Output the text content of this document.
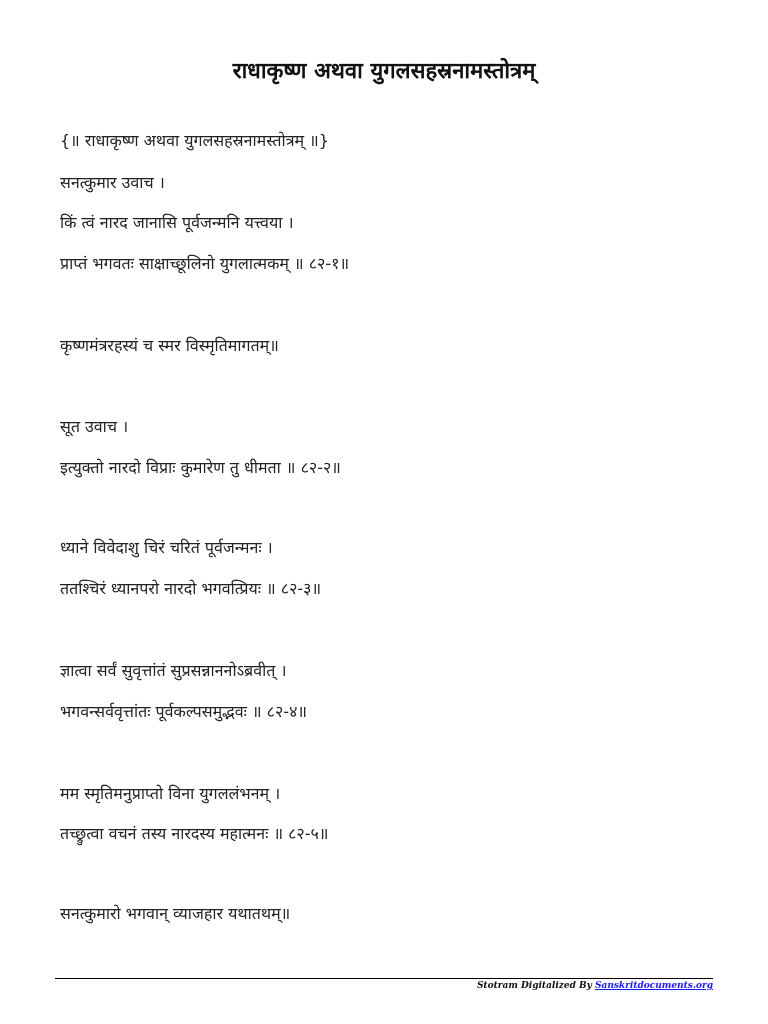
राधाकृष्ण अथवा युगलसहस्रनामस्तोत्रम्
{॥ राधाकृष्ण अथवा युगलसहस्रनामस्तोत्रम् ॥}
सनत्कुमार उवाच ।
किं त्वं नारद जानासि पूर्वजन्मनि यत्त्वया ।
प्राप्तं भगवतः साक्षाच्छूलिनो युगलात्मकम् ॥ ८२-१॥
कृष्णमंत्ररहस्यं च स्मर विस्मृतिमागतम्॥
सूत उवाच ।
इत्युक्तो नारदो विप्राः कुमारेण तु धीमता ॥ ८२-२॥
ध्याने विवेदाशु चिरं चरितं पूर्वजन्मनः ।
ततश्चिरं ध्यानपरो नारदो भगवत्प्रियः ॥ ८२-३॥
ज्ञात्वा सर्वं सुवृत्तांतं सुप्रसन्नाननोऽब्रवीत् ।
भगवन्सर्ववृत्तांतः पूर्वकल्पसमुद्भवः ॥ ८२-४॥
मम स्मृतिमनुप्राप्तो विना युगललंभनम् ।
तच्छ्रुत्वा वचनं तस्य नारदस्य महात्मनः ॥ ८२-५॥
सनत्कुमारो भगवान् व्याजहार यथातथम्॥
Stotram Digitalized By Sanskritdocuments.org
